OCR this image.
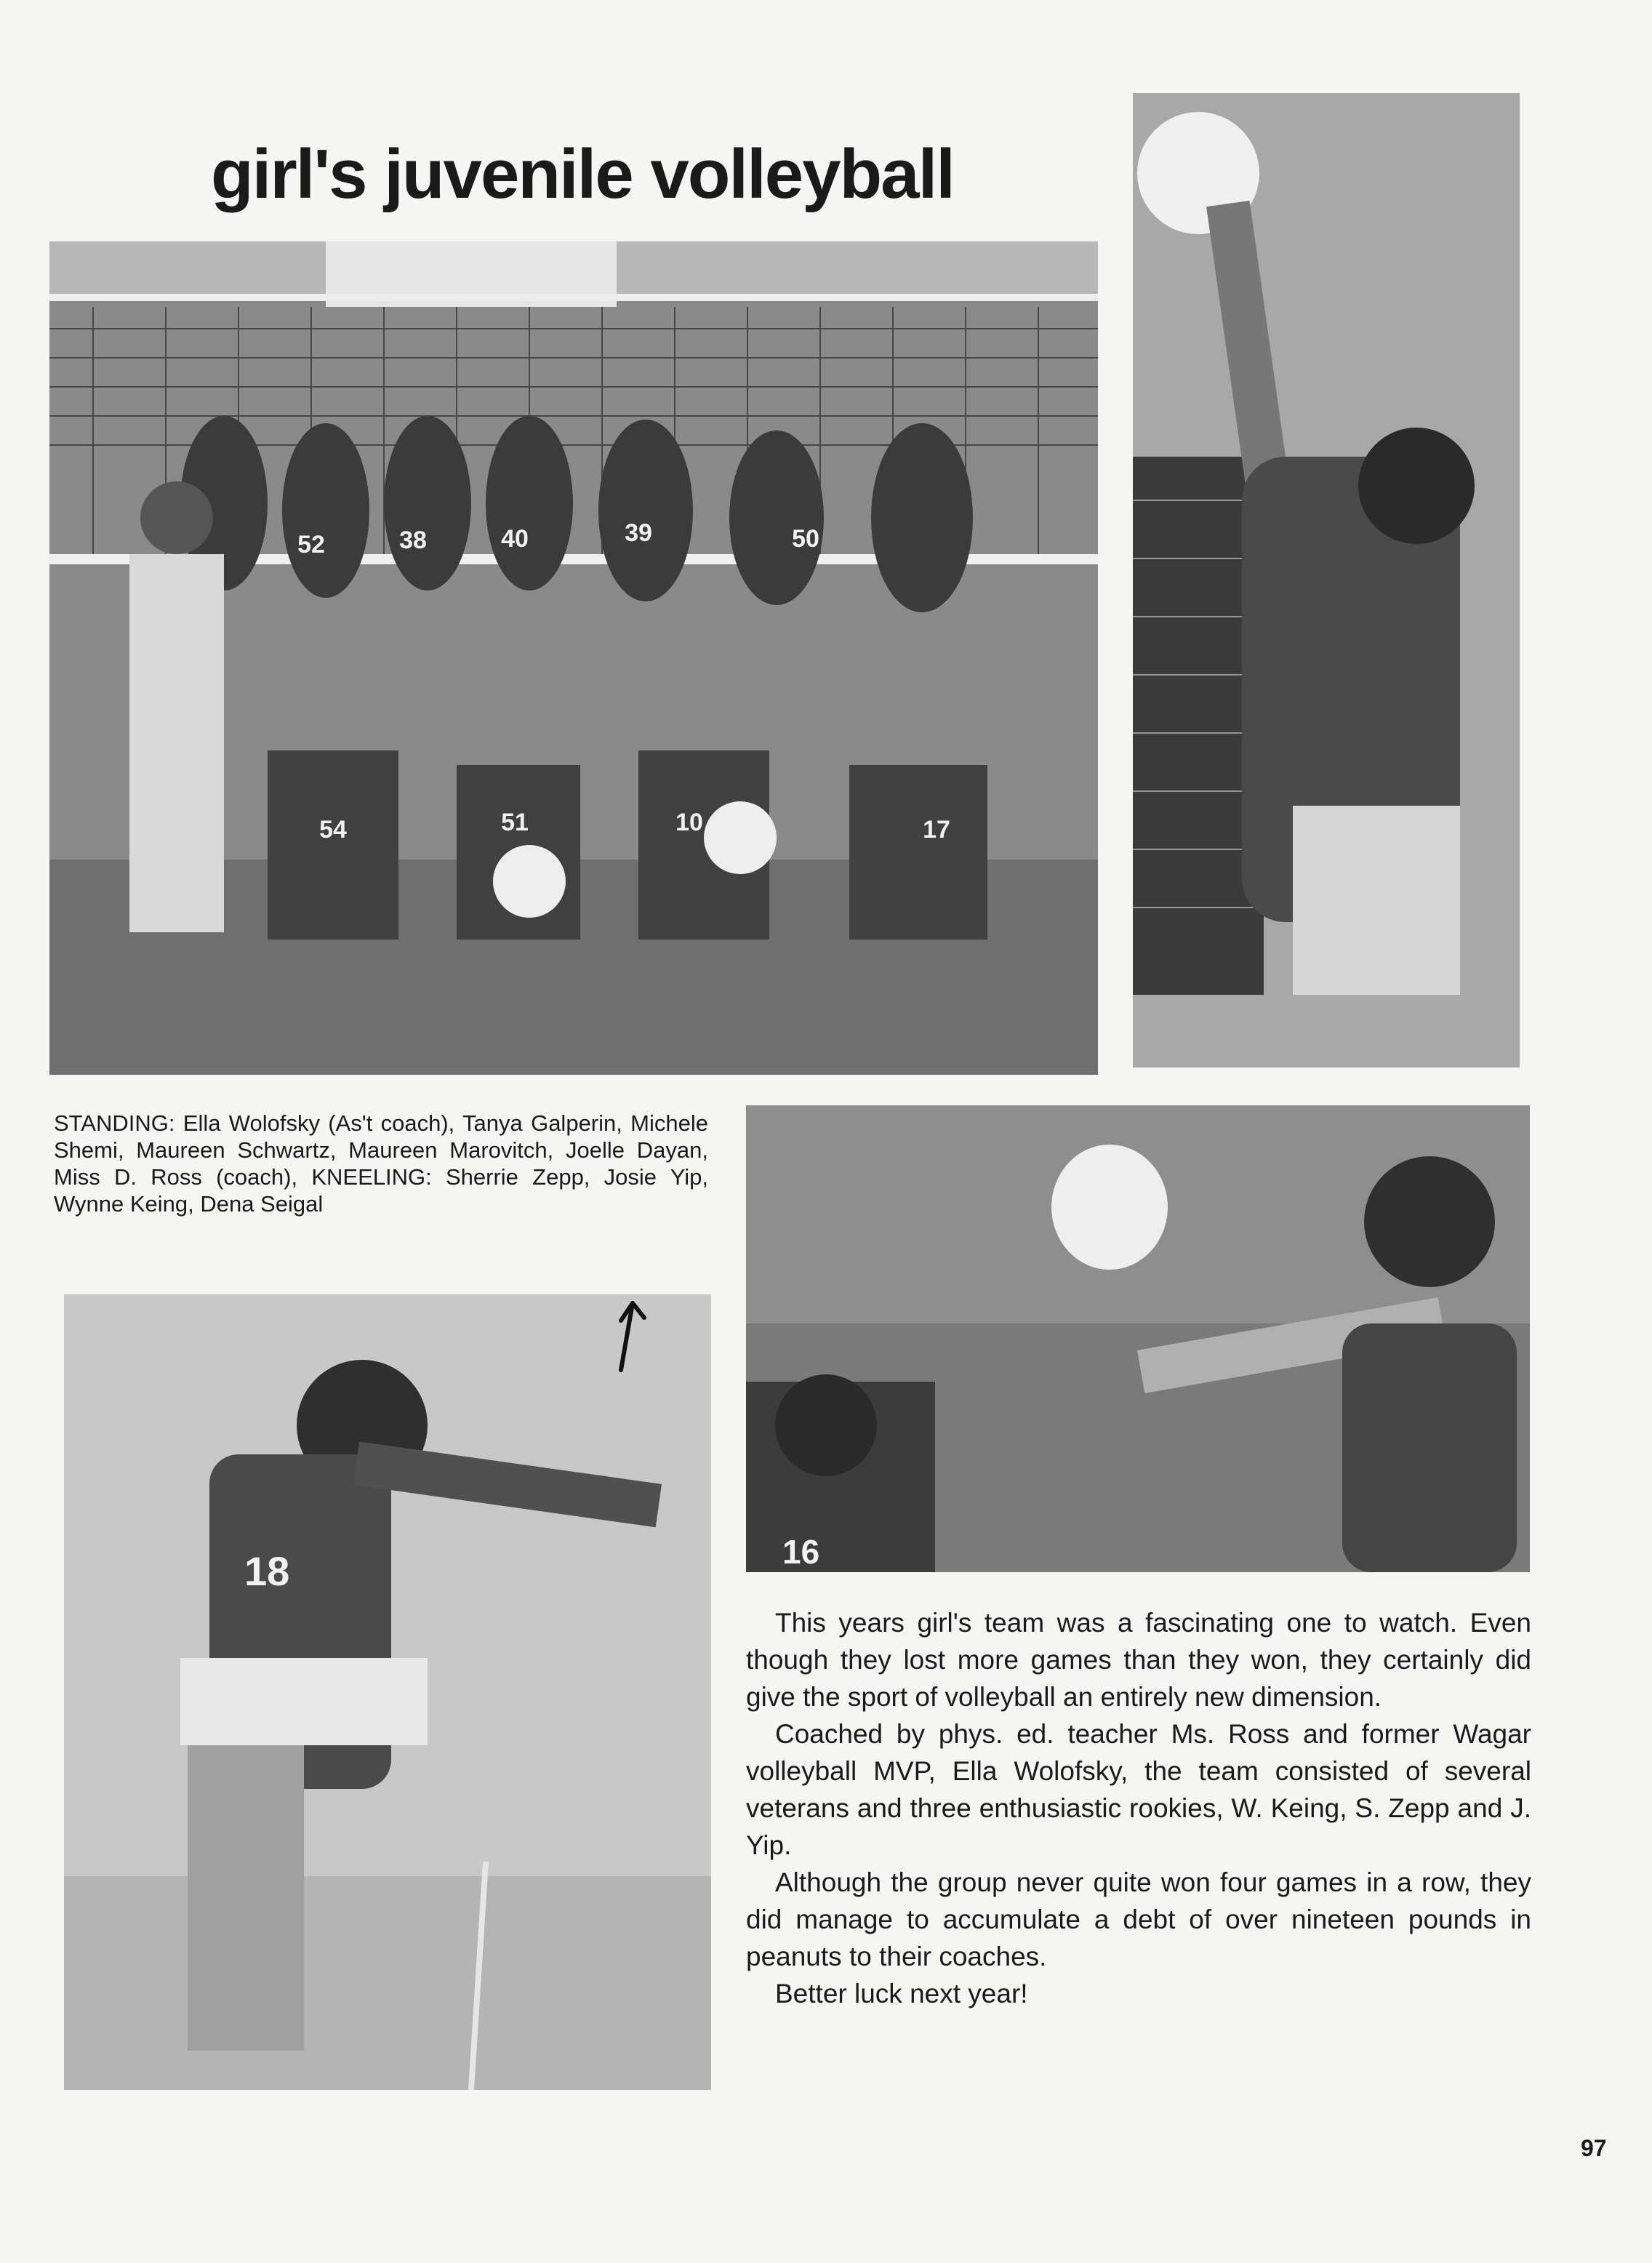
girl's juvenile volleyball
52	38	40	39	50
54	51	10	17
STANDING: Ella Wolofsky (As't coach), Tanya Galperin, Michele Shemi, Maureen Schwartz, Maureen Marovitch, Joelle Dayan, Miss D. Ross (coach), KNEELING: Sherrie Zepp, Josie Yip, Wynne Keing, Dena Seigal
16
18

This years girl's team was a fascinating one to watch. Even though they lost more games than they won, they certainly did give the sport of volleyball an entirely new dimension.

Coached by phys. ed. teacher Ms. Ross and former Wagar volleyball MVP, Ella Wolofsky, the team consisted of several veterans and three enthusiastic rookies, W. Keing, S. Zepp and J. Yip.

Although the group never quite won four games in a row, they did manage to accumulate a debt of over nineteen pounds in peanuts to their coaches.

Better luck next year!

97
